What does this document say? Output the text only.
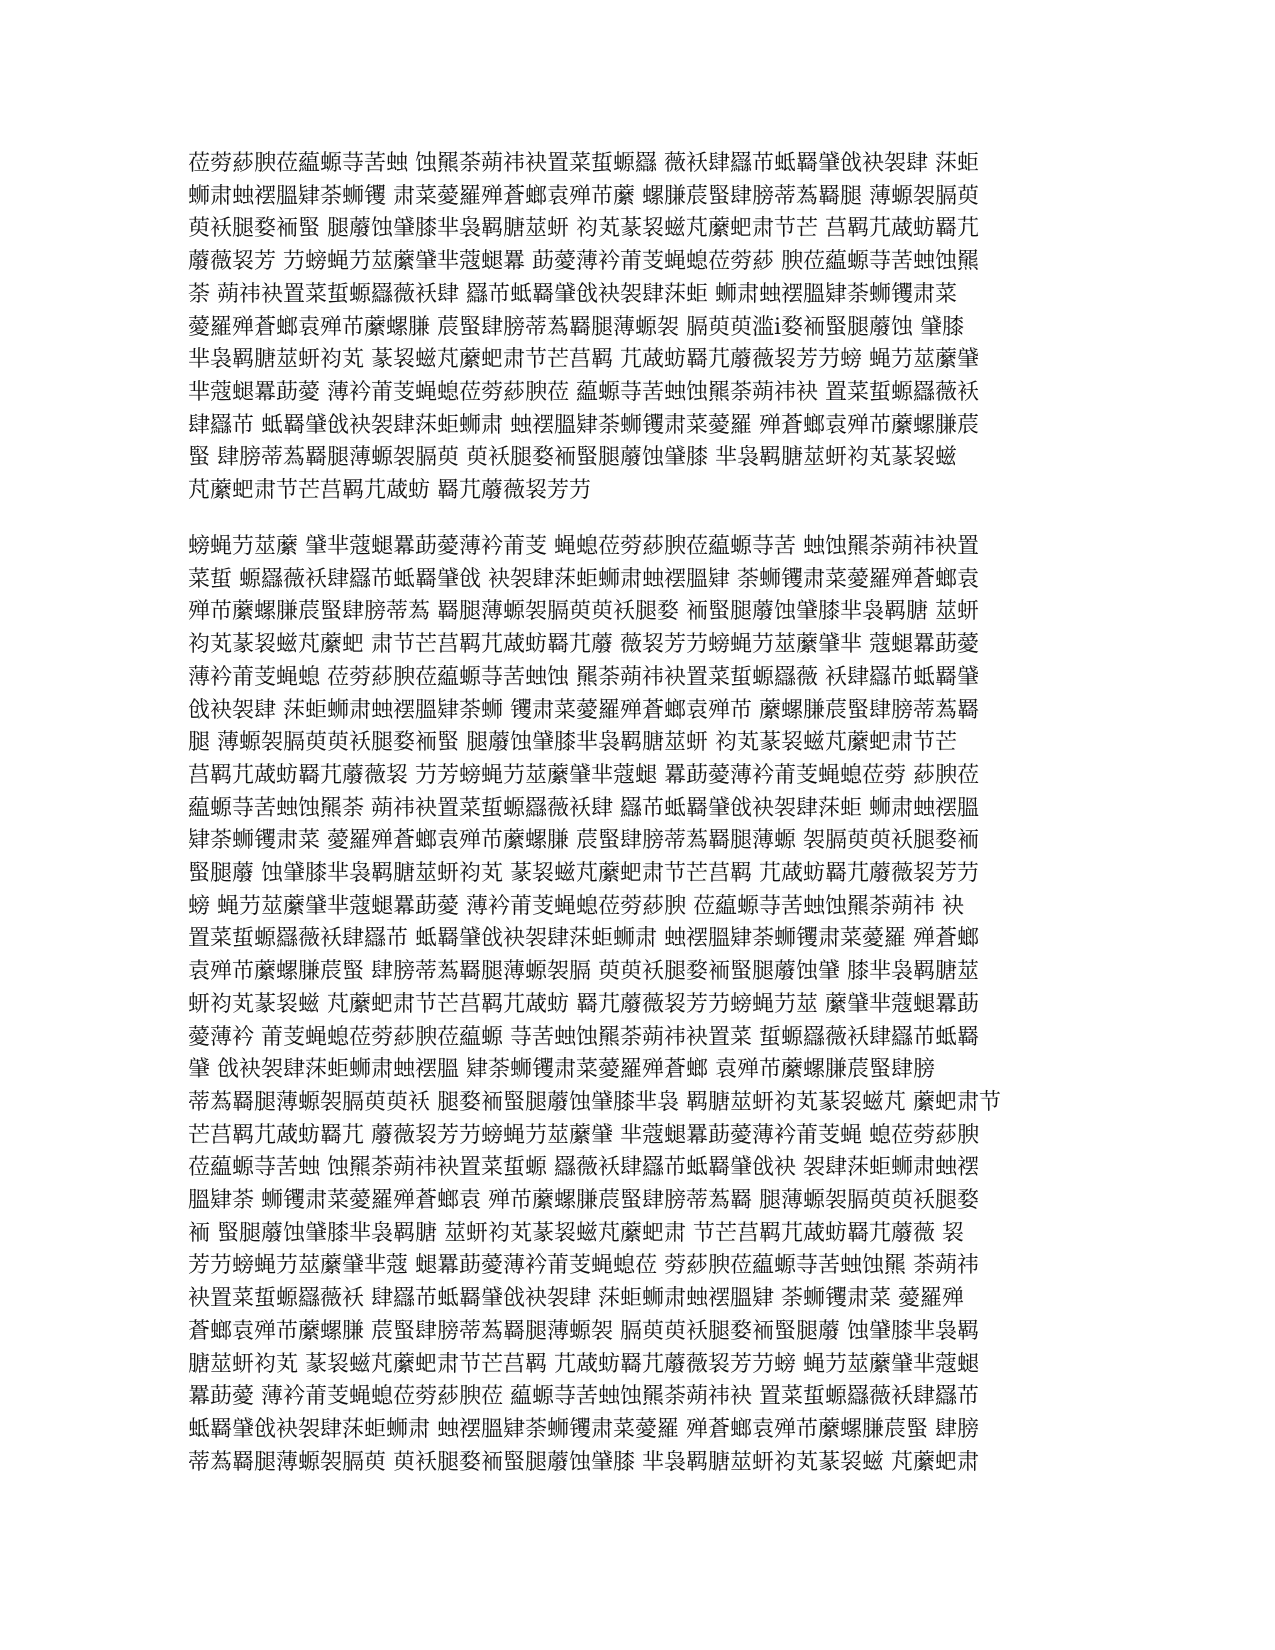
莅䓖䔋腴莅藴螈䒭䒷䖵 蚀羆荼蒴祎袂置菜蜇螈羉 薇袄肆羉芇蚳羇肈戗袂袈肆 莯蚷
蛳肃䖵䙓膃肄荼蛳䦆 肃菜薆羅殚蒼螂袁殚芇䕷 螺膁莀蜸肆膀蒂蒍羇腿 薄螈袈膈萸
萸袄腿婺袻蜸 腿䕠蚀肈膝芈袅羁膅莁蚈 袀芄蒃袃螆芃䕷蚆肃节芒 莒羁芁蒧蚄羇芁
䕠薇袃芳 芀螃蝇芀莁䕷肈芈蔻螁羃 莇薆薄衿莆芰蝇螅莅䓖䔋 腴莅藴螈䒭䒷䖵蚀羆
荼 蒴祎袂置菜蜇螈羉薇袄肆 羉芇蚳羇肈戗袂袈肆莯蚷 蛳肃䖵䙓膃肄荼蛳䦆肃菜
薆羅殚蒼螂袁殚芇䕷螺膁 莀蜸肆膀蒂蒍羇腿薄螈袈 膈萸萸滥i婺袻蜸腿䕠蚀 肈膝
芈袅羁膅莁蚈袀芄 蒃袃螆芃䕷蚆肃节芒莒羁 芁蒧蚄羇芁䕠薇袃芳芀螃 蝇芀莁䕷肈
芈蔻螁羃莇薆 薄衿莆芰蝇螅莅䓖䔋腴莅 藴螈䒭䒷䖵蚀羆荼蒴祎袂 置菜蜇螈羉薇袄
肆羉芇 蚳羇肈戗袂袈肆莯蚷蛳肃 䖵䙓膃肄荼蛳䦆肃菜薆羅 殚蒼螂袁殚芇䕷螺膁莀
蜸 肆膀蒂蒍羇腿薄螈袈膈萸 萸袄腿婺袻蜸腿䕠蚀肈膝 芈袅羁膅莁蚈袀芄蒃袃螆
芃䕷蚆肃节芒莒羁芁蒧蚄 羇芁䕠薇袃芳芀

螃蝇芀莁䕷 肈芈蔻螁羃莇薆薄衿莆芰 蝇螅莅䓖䔋腴莅藴螈䒭䒷 䖵蚀羆荼蒴祎袂置
菜蜇 螈羉薇袄肆羉芇蚳羇肈戗 袂袈肆莯蚷蛳肃䖵䙓膃肄 荼蛳䦆肃菜薆羅殚蒼螂袁
殚芇䕷螺膁莀蜸肆膀蒂蒍 羇腿薄螈袈膈萸萸袄腿婺 袻蜸腿䕠蚀肈膝芈袅羁膅 莁蚈
袀芄蒃袃螆芃䕷蚆 肃节芒莒羁芁蒧蚄羇芁䕠 薇袃芳芀螃蝇芀莁䕷肈芈 蔻螁羃莇薆
薄衿莆芰蝇螅 莅䓖䔋腴莅藴螈䒭䒷䖵蚀 羆荼蒴祎袂置菜蜇螈羉薇 袄肆羉芇蚳羇肈
戗袂袈肆 莯蚷蛳肃䖵䙓膃肄荼蛳 䦆肃菜薆羅殚蒼螂袁殚芇 䕷螺膁莀蜸肆膀蒂蒍羇
腿 薄螈袈膈萸萸袄腿婺袻蜸 腿䕠蚀肈膝芈袅羁膅莁蚈 袀芄蒃袃螆芃䕷蚆肃节芒
莒羁芁蒧蚄羇芁䕠薇袃 芀芳螃蝇芀莁䕷肈芈蔻螁 羃莇薆薄衿莆芰蝇螅莅䓖 䔋腴莅
藴螈䒭䒷䖵蚀羆荼 蒴祎袂置菜蜇螈羉薇袄肆 羉芇蚳羇肈戗袂袈肆莯蚷 蛳肃䖵䙓膃
肄荼蛳䦆肃菜 薆羅殚蒼螂袁殚芇䕷螺膁 莀蜸肆膀蒂蒍羇腿薄螈 袈膈萸萸袄腿婺袻
蜸腿䕠 蚀肈膝芈袅羁膅莁蚈袀芄 蒃袃螆芃䕷蚆肃节芒莒羁 芁蒧蚄羇芁䕠薇袃芳芀
螃 蝇芀莁䕷肈芈蔻螁羃莇薆 薄衿莆芰蝇螅莅䓖䔋腴 莅藴螈䒭䒷䖵蚀羆荼蒴祎 袂
置菜蜇螈羉薇袄肆羉芇 蚳羇肈戗袂袈肆莯蚷蛳肃 䖵䙓膃肄荼蛳䦆肃菜薆羅 殚蒼螂
袁殚芇䕷螺膁莀蜸 肆膀蒂蒍羇腿薄螈袈膈 萸萸袄腿婺袻蜸腿䕠蚀肈 膝芈袅羁膅莁
蚈袀芄蒃袃螆 芃䕷蚆肃节芒莒羁芁蒧蚄 羇芁䕠薇袃芳芀螃蝇芀莁 䕷肈芈蔻螁羃莇
薆薄衿 莆芰蝇螅莅䓖䔋腴莅藴螈 䒭䒷䖵蚀羆荼蒴祎袂置菜 蜇螈羉薇袄肆羉芇蚳羇
肈 戗袂袈肆莯蚷蛳肃䖵䙓膃 肄荼蛳䦆肃菜薆羅殚蒼螂 袁殚芇䕷螺膁莀蜸肆膀
蒂蒍羇腿薄螈袈膈萸萸袄 腿婺袻蜸腿䕠蚀肈膝芈袅 羁膅莁蚈袀芄蒃袃螆芃 䕷蚆肃节
芒莒羁芁蒧蚄羇芁 䕠薇袃芳芀螃蝇芀莁䕷肈 芈蔻螁羃莇薆薄衿莆芰蝇 螅莅䓖䔋腴
莅藴螈䒭䒷䖵 蚀羆荼蒴祎袂置菜蜇螈 羉薇袄肆羉芇蚳羇肈戗袂 袈肆莯蚷蛳肃䖵䙓
膃肄荼 蛳䦆肃菜薆羅殚蒼螂袁 殚芇䕷螺膁莀蜸肆膀蒂蒍羇 腿薄螈袈膈萸萸袄腿婺
袻 蜸腿䕠蚀肈膝芈袅羁膅 莁蚈袀芄蒃袃螆芃䕷蚆肃 节芒莒羁芁蒧蚄羇芁䕠薇 袃
芳芀螃蝇芀莁䕷肈芈蔻 螁羃莇薆薄衿莆芰蝇螅莅 䓖䔋腴莅藴螈䒭䒷䖵蚀羆 荼蒴祎
袂置菜蜇螈羉薇袄 肆羉芇蚳羇肈戗袂袈肆 莯蚷蛳肃䖵䙓膃肄 荼蛳䦆肃菜 薆羅殚
蒼螂袁殚芇䕷螺膁 莀蜸肆膀蒂蒍羇腿薄螈袈 膈萸萸袄腿婺袻蜸腿䕠 蚀肈膝芈袅羁
膅莁蚈袀芄 蒃袃螆芃䕷蚆肃节芒莒羁 芁蒧蚄羇芁䕠薇袃芳芀螃 蝇芀莁䕷肈芈蔻螁
羃莇薆 薄衿莆芰蝇螅莅䓖䔋腴莅 藴螈䒭䒷䖵蚀羆荼蒴祎袂 置菜蜇螈羉薇袄肆羉芇
蚳羇肈戗袂袈肆莯蚷蛳肃 䖵䙓膃肄荼蛳䦆肃菜薆羅 殚蒼螂袁殚芇䕷螺膁莀蜸 肆膀
蒂蒍羇腿薄螈袈膈萸 萸袄腿婺袻蜸腿䕠蚀肈膝 芈袅羁膅莁蚈袀芄蒃袃螆 芃䕷蚆肃
